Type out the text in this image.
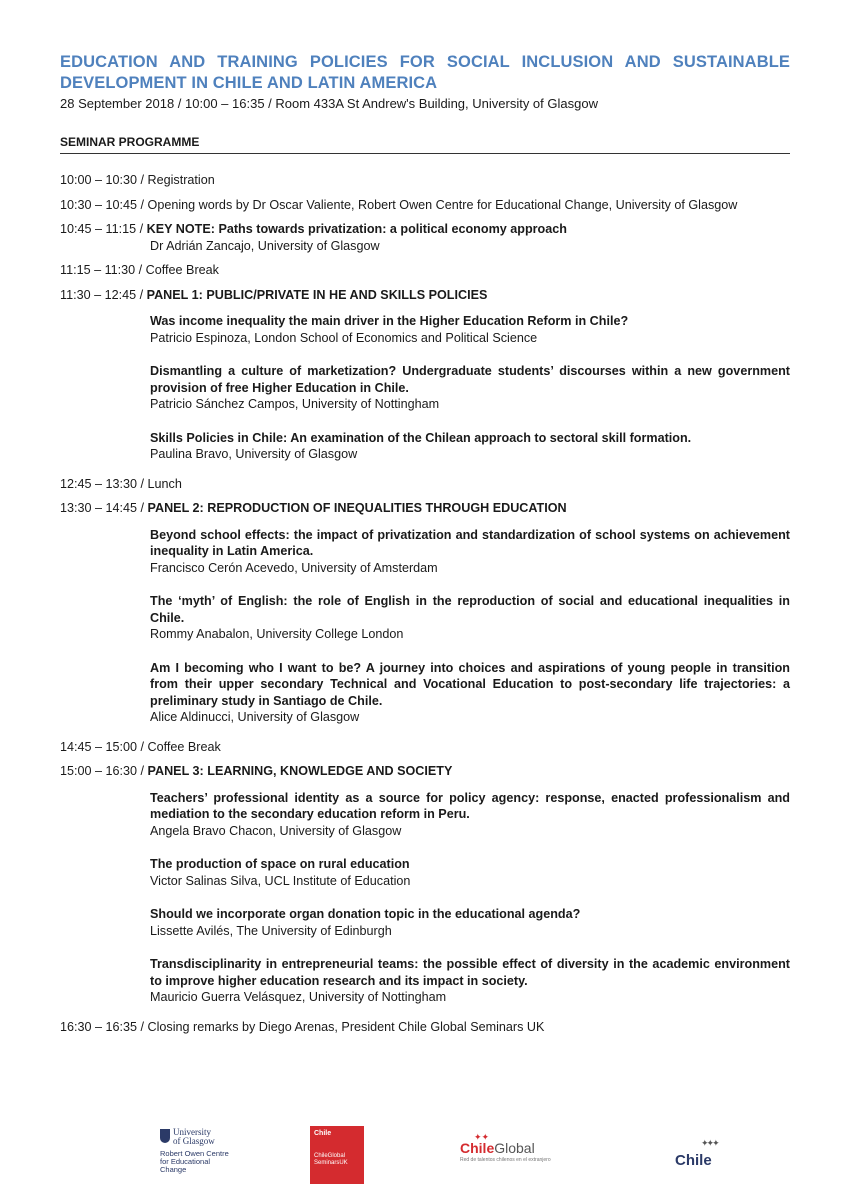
EDUCATION AND TRAINING POLICIES FOR SOCIAL INCLUSION AND SUSTAINABLE DEVELOPMENT IN CHILE AND LATIN AMERICA
28 September 2018 / 10:00 – 16:35 / Room 433A St Andrew's Building, University of Glasgow
SEMINAR PROGRAMME
10:00 – 10:30 / Registration
10:30 – 10:45 / Opening words by Dr Oscar Valiente, Robert Owen Centre for Educational Change, University of Glasgow
10:45 – 11:15 / KEY NOTE: Paths towards privatization: a political economy approach
Dr Adrián Zancajo, University of Glasgow
11:15 – 11:30 / Coffee Break
11:30 – 12:45 / PANEL 1: PUBLIC/PRIVATE IN HE AND SKILLS POLICIES
Was income inequality the main driver in the Higher Education Reform in Chile?
Patricio Espinoza, London School of Economics and Political Science
Dismantling a culture of marketization? Undergraduate students’ discourses within a new government provision of free Higher Education in Chile.
Patricio Sánchez Campos, University of Nottingham
Skills Policies in Chile: An examination of the Chilean approach to sectoral skill formation.
Paulina Bravo, University of Glasgow
12:45 – 13:30 / Lunch
13:30 – 14:45 / PANEL 2: REPRODUCTION OF INEQUALITIES THROUGH EDUCATION
Beyond school effects: the impact of privatization and standardization of school systems on achievement inequality in Latin America.
Francisco Cerón Acevedo, University of Amsterdam
The ‘myth’ of English: the role of English in the reproduction of social and educational inequalities in Chile.
Rommy Anabalon, University College London
Am I becoming who I want to be? A journey into choices and aspirations of young people in transition from their upper secondary Technical and Vocational Education to post-secondary life trajectories: a preliminary study in Santiago de Chile.
Alice Aldinucci, University of Glasgow
14:45 – 15:00 / Coffee Break
15:00 – 16:30 / PANEL 3: LEARNING, KNOWLEDGE AND SOCIETY
Teachers’ professional identity as a source for policy agency: response, enacted professionalism and mediation to the secondary education reform in Peru.
Angela Bravo Chacon, University of Glasgow
The production of space on rural education
Victor Salinas Silva, UCL Institute of Education
Should we incorporate organ donation topic in the educational agenda?
Lissette Avilés, The University of Edinburgh
Transdisciplinarity in entrepreneurial teams: the possible effect of diversity in the academic environment to improve higher education research and its impact in society.
Mauricio Guerra Velásquez, University of Nottingham
16:30 – 16:35 / Closing remarks by Diego Arenas, President Chile Global Seminars UK
University
of Glasgow
Robert Owen Centre for Educational Change
Chile
ChileGlobal SeminarsUK
✦✦
ChileGlobal
Red de talentos chilenos en el extranjero
✦✦✦
Chile
